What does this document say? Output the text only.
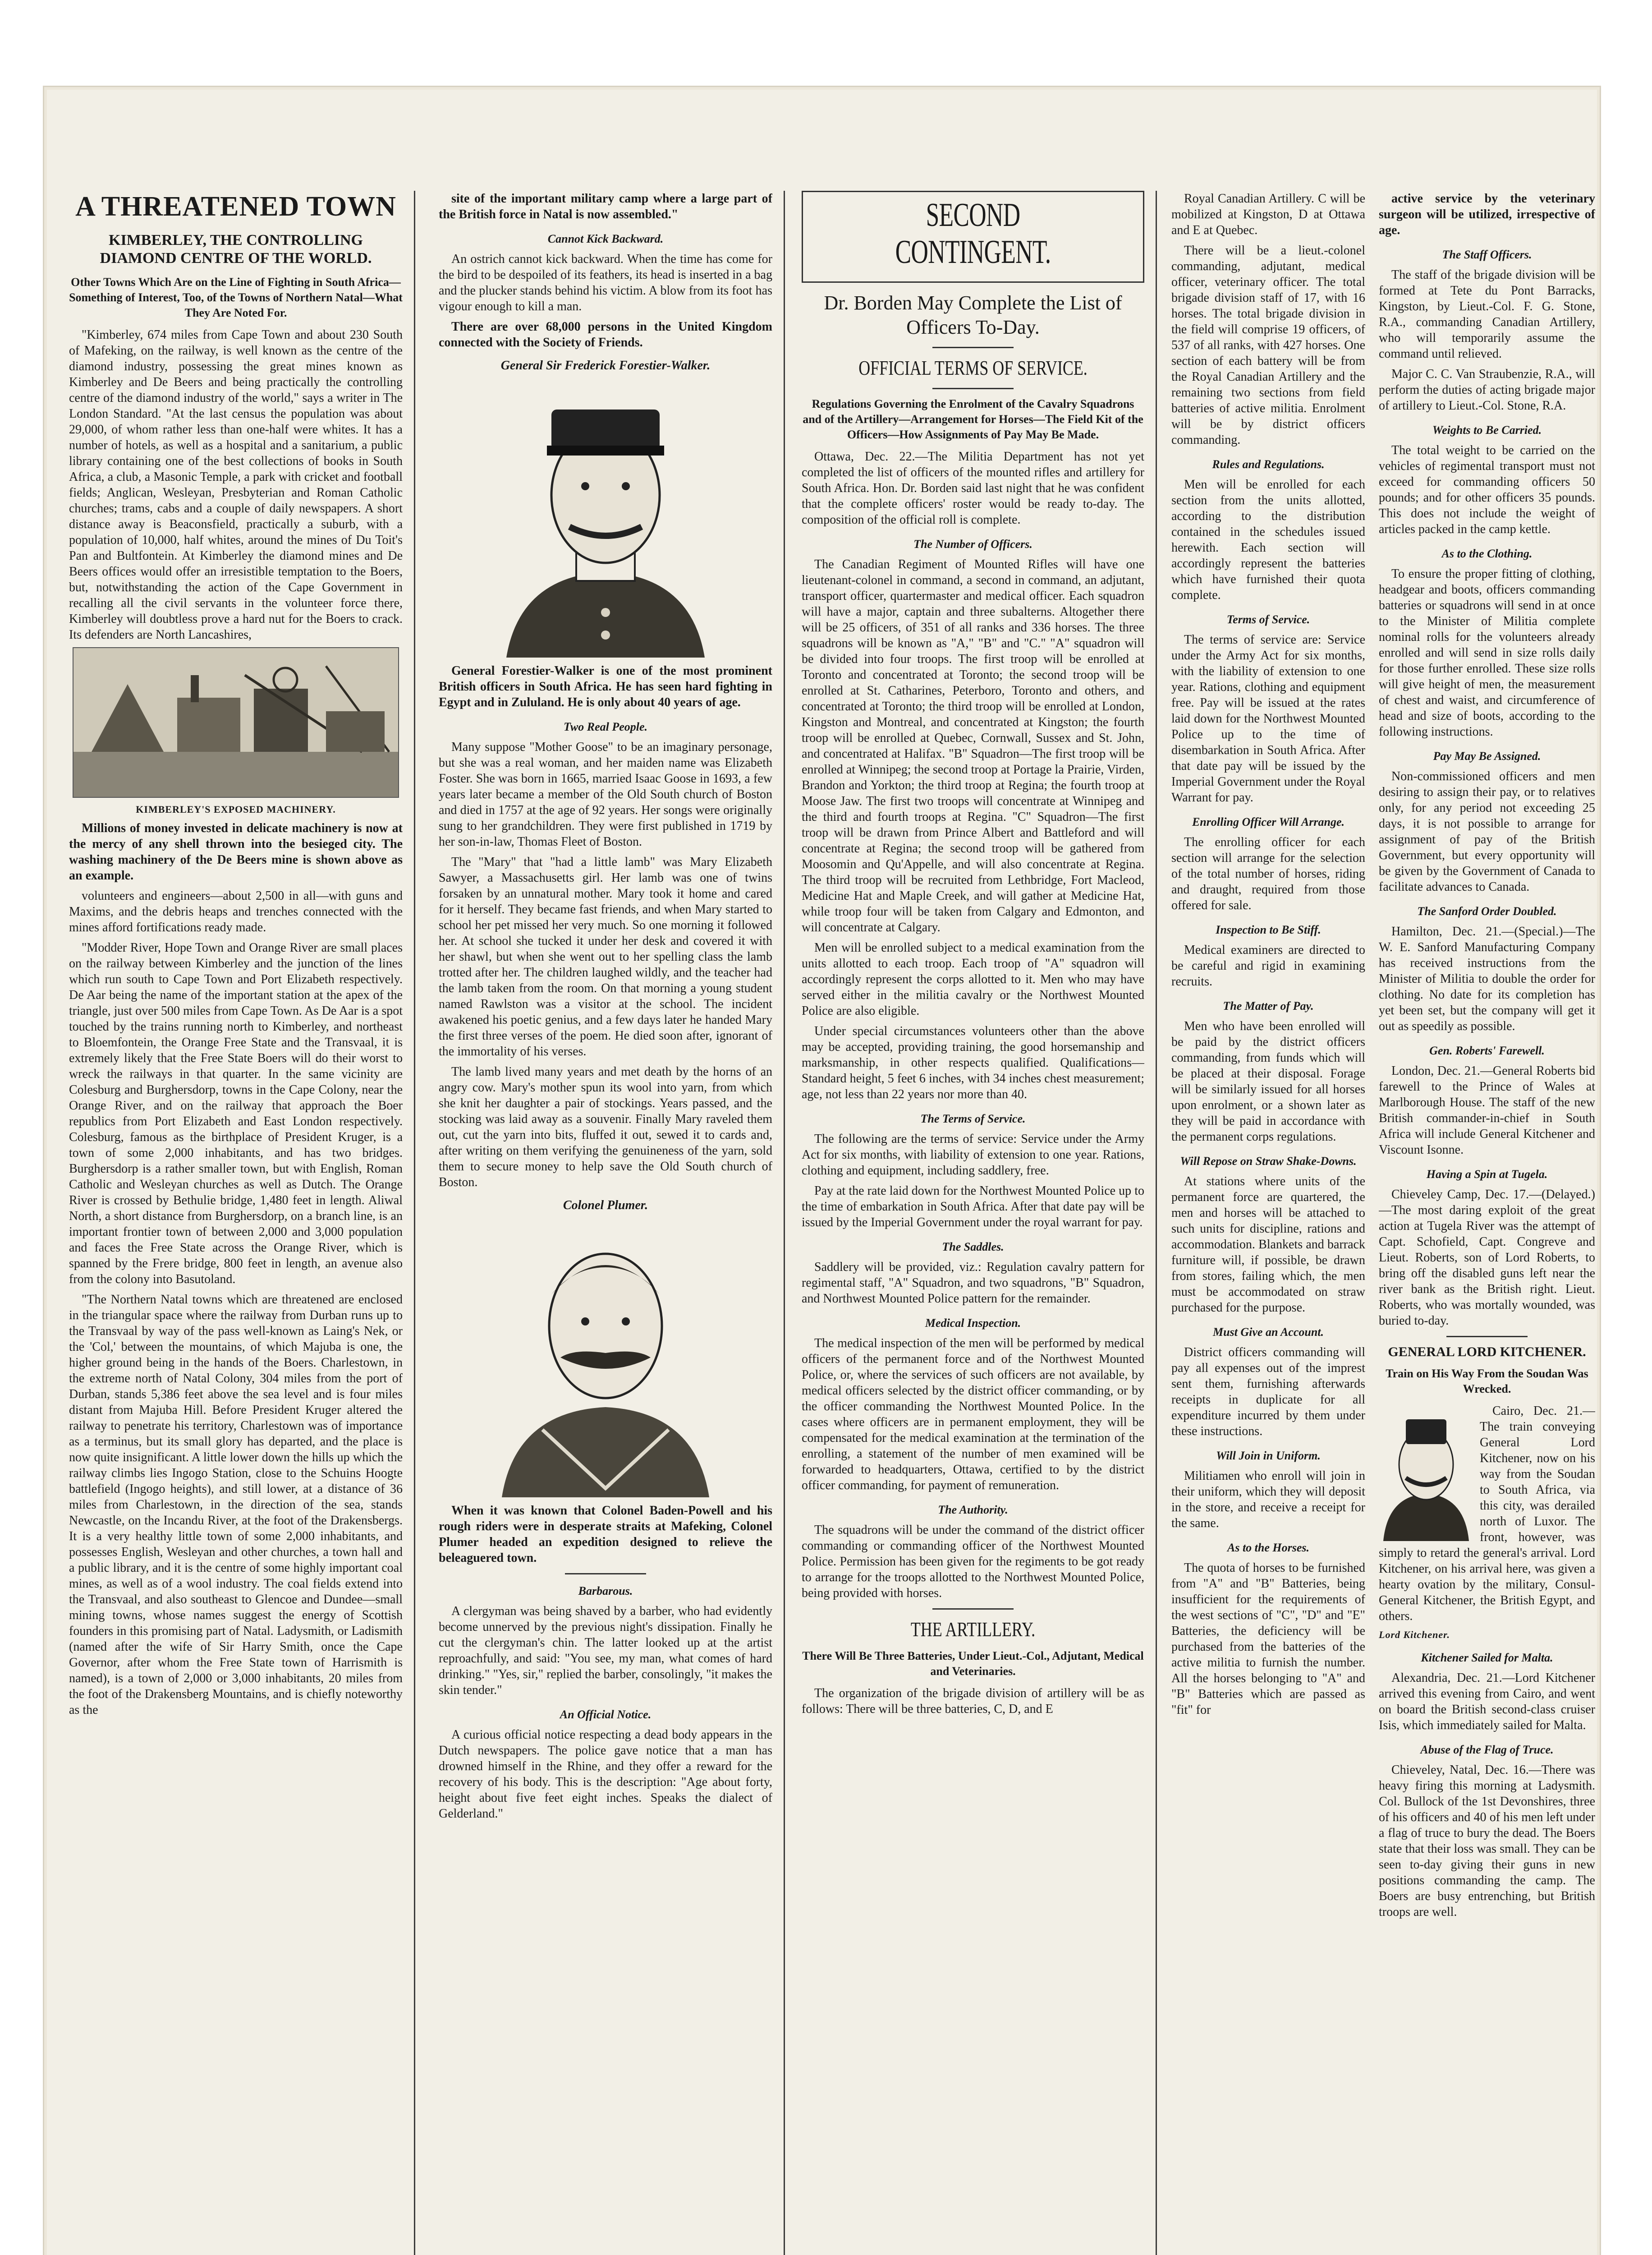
A THREATENED TOWN
KIMBERLEY, THE CONTROLLING DIAMOND CENTRE OF THE WORLD.
Other Towns Which Are on the Line of Fighting in South Africa—Something of Interest, Too, of the Towns of Northern Natal—What They Are Noted For.

"Kimberley, 674 miles from Cape Town and about 230 South of Mafeking, on the railway, is well known as the centre of the diamond industry, possessing the great mines known as Kimberley and De Beers and being practically the controlling centre of the diamond industry of the world," says a writer in The London Standard. "At the last census the population was about 29,000, of whom rather less than one-half were whites. It has a number of hotels, as well as a hospital and a sanitarium, a public library containing one of the best collections of books in South Africa, a club, a Masonic Temple, a park with cricket and football fields; Anglican, Wesleyan, Presbyterian and Roman Catholic churches; trams, cabs and a couple of daily newspapers. A short distance away is Beaconsfield, practically a suburb, with a population of 10,000, half whites, around the mines of Du Toit's Pan and Bultfontein. At Kimberley the diamond mines and De Beers offices would offer an irresistible temptation to the Boers, but, notwithstanding the action of the Cape Government in recalling all the civil servants in the volunteer force there, Kimberley will doubtless prove a hard nut for the Boers to crack. Its defenders are North Lancashires,

KIMBERLEY'S EXPOSED MACHINERY.

Millions of money invested in delicate machinery is now at the mercy of any shell thrown into the besieged city. The washing machinery of the De Beers mine is shown above as an example.

volunteers and engineers—about 2,500 in all—with guns and Maxims, and the debris heaps and trenches connected with the mines afford fortifications ready made.

"Modder River, Hope Town and Orange River are small places on the railway between Kimberley and the junction of the lines which run south to Cape Town and Port Elizabeth respectively. De Aar being the name of the important station at the apex of the triangle, just over 500 miles from Cape Town. As De Aar is a spot touched by the trains running north to Kimberley, and northeast to Bloemfontein, the Orange Free State and the Transvaal, it is extremely likely that the Free State Boers will do their worst to wreck the railways in that quarter. In the same vicinity are Colesburg and Burghersdorp, towns in the Cape Colony, near the Orange River, and on the railway that approach the Boer republics from Port Elizabeth and East London respectively. Colesburg, famous as the birthplace of President Kruger, is a town of some 2,000 inhabitants, and has two bridges. Burghersdorp is a rather smaller town, but with English, Roman Catholic and Wesleyan churches as well as Dutch. The Orange River is crossed by Bethulie bridge, 1,480 feet in length. Aliwal North, a short distance from Burghersdorp, on a branch line, is an important frontier town of between 2,000 and 3,000 population and faces the Free State across the Orange River, which is spanned by the Frere bridge, 800 feet in length, an avenue also from the colony into Basutoland.

"The Northern Natal towns which are threatened are enclosed in the triangular space where the railway from Durban runs up to the Transvaal by way of the pass well-known as Laing's Nek, or the 'Col,' between the mountains, of which Majuba is one, the higher ground being in the hands of the Boers. Charlestown, in the extreme north of Natal Colony, 304 miles from the port of Durban, stands 5,386 feet above the sea level and is four miles distant from Majuba Hill. Before President Kruger altered the railway to penetrate his territory, Charlestown was of importance as a terminus, but its small glory has departed, and the place is now quite insignificant. A little lower down the hills up which the railway climbs lies Ingogo Station, close to the Schuins Hoogte battlefield (Ingogo heights), and still lower, at a distance of 36 miles from Charlestown, in the direction of the sea, stands Newcastle, on the Incandu River, at the foot of the Drakensbergs. It is a very healthy little town of some 2,000 inhabitants, and possesses English, Wesleyan and other churches, a town hall and a public library, and it is the centre of some highly important coal mines, as well as of a wool industry. The coal fields extend into the Transvaal, and also southeast to Glencoe and Dundee—small mining towns, whose names suggest the energy of Scottish founders in this promising part of Natal. Ladysmith, or Ladismith (named after the wife of Sir Harry Smith, once the Cape Governor, after whom the Free State town of Harrismith is named), is a town of 2,000 or 3,000 inhabitants, 20 miles from the foot of the Drakensberg Mountains, and is chiefly noteworthy as the

site of the important military camp where a large part of the British force in Natal is now assembled."

Cannot Kick Backward.

An ostrich cannot kick backward. When the time has come for the bird to be despoiled of its feathers, its head is inserted in a bag and the plucker stands behind his victim. A blow from its foot has vigour enough to kill a man.

There are over 68,000 persons in the United Kingdom connected with the Society of Friends.

General Sir Frederick Forestier-Walker.

General Forestier-Walker is one of the most prominent British officers in South Africa. He has seen hard fighting in Egypt and in Zululand. He is only about 40 years of age.

Two Real People.

Many suppose "Mother Goose" to be an imaginary personage, but she was a real woman, and her maiden name was Elizabeth Foster. She was born in 1665, married Isaac Goose in 1693, a few years later became a member of the Old South church of Boston and died in 1757 at the age of 92 years. Her songs were originally sung to her grandchildren. They were first published in 1719 by her son-in-law, Thomas Fleet of Boston.

The "Mary" that "had a little lamb" was Mary Elizabeth Sawyer, a Massachusetts girl. Her lamb was one of twins forsaken by an unnatural mother. Mary took it home and cared for it herself. They became fast friends, and when Mary started to school her pet missed her very much. So one morning it followed her. At school she tucked it under her desk and covered it with her shawl, but when she went out to her spelling class the lamb trotted after her. The children laughed wildly, and the teacher had the lamb taken from the room. On that morning a young student named Rawlston was a visitor at the school. The incident awakened his poetic genius, and a few days later he handed Mary the first three verses of the poem. He died soon after, ignorant of the immortality of his verses.

The lamb lived many years and met death by the horns of an angry cow. Mary's mother spun its wool into yarn, from which she knit her daughter a pair of stockings. Years passed, and the stocking was laid away as a souvenir. Finally Mary raveled them out, cut the yarn into bits, fluffed it out, sewed it to cards and, after writing on them verifying the genuineness of the yarn, sold them to secure money to help save the Old South church of Boston.

Colonel Plumer.

When it was known that Colonel Baden-Powell and his rough riders were in desperate straits at Mafeking, Colonel Plumer headed an expedition designed to relieve the beleaguered town.

Barbarous.

A clergyman was being shaved by a barber, who had evidently become unnerved by the previous night's dissipation. Finally he cut the clergyman's chin. The latter looked up at the artist reproachfully, and said: "You see, my man, what comes of hard drinking." "Yes, sir," replied the barber, consolingly, "it makes the skin tender."

An Official Notice.

A curious official notice respecting a dead body appears in the Dutch newspapers. The police gave notice that a man has drowned himself in the Rhine, and they offer a reward for the recovery of his body. This is the description: "Age about forty, height about five feet eight inches. Speaks the dialect of Gelderland."

SECOND CONTINGENT.
Dr. Borden May Complete the List of Officers To-Day.
OFFICIAL TERMS OF SERVICE.
Regulations Governing the Enrolment of the Cavalry Squadrons and of the Artillery—Arrangement for Horses—The Field Kit of the Officers—How Assignments of Pay May Be Made.

Ottawa, Dec. 22.—The Militia Department has not yet completed the list of officers of the mounted rifles and artillery for South Africa. Hon. Dr. Borden said last night that he was confident that the complete officers' roster would be ready to-day. The composition of the official roll is complete.

The Number of Officers.

The Canadian Regiment of Mounted Rifles will have one lieutenant-colonel in command, a second in command, an adjutant, transport officer, quartermaster and medical officer. Each squadron will have a major, captain and three subalterns. Altogether there will be 25 officers, of 351 of all ranks and 336 horses. The three squadrons will be known as "A," "B" and "C." "A" squadron will be divided into four troops. The first troop will be enrolled at Toronto and concentrated at Toronto; the second troop will be enrolled at St. Catharines, Peterboro, Toronto and others, and concentrated at Toronto; the third troop will be enrolled at London, Kingston and Montreal, and concentrated at Kingston; the fourth troop will be enrolled at Quebec, Cornwall, Sussex and St. John, and concentrated at Halifax. "B" Squadron—The first troop will be enrolled at Winnipeg; the second troop at Portage la Prairie, Virden, Brandon and Yorkton; the third troop at Regina; the fourth troop at Moose Jaw. The first two troops will concentrate at Winnipeg and the third and fourth troops at Regina. "C" Squadron—The first troop will be drawn from Prince Albert and Battleford and will concentrate at Regina; the second troop will be gathered from Moosomin and Qu'Appelle, and will also concentrate at Regina. The third troop will be recruited from Lethbridge, Fort Macleod, Medicine Hat and Maple Creek, and will gather at Medicine Hat, while troop four will be taken from Calgary and Edmonton, and will concentrate at Calgary.

Men will be enrolled subject to a medical examination from the units allotted to each troop. Each troop of "A" squadron will accordingly represent the corps allotted to it. Men who may have served either in the militia cavalry or the Northwest Mounted Police are also eligible.

Under special circumstances volunteers other than the above may be accepted, providing training, the good horsemanship and marksmanship, in other respects qualified. Qualifications—Standard height, 5 feet 6 inches, with 34 inches chest measurement; age, not less than 22 years nor more than 40.

The Terms of Service.

The following are the terms of service: Service under the Army Act for six months, with liability of extension to one year. Rations, clothing and equipment, including saddlery, free.

Pay at the rate laid down for the Northwest Mounted Police up to the time of embarkation in South Africa. After that date pay will be issued by the Imperial Government under the royal warrant for pay.

The Saddles.

Saddlery will be provided, viz.: Regulation cavalry pattern for regimental staff, "A" Squadron, and two squadrons, "B" Squadron, and Northwest Mounted Police pattern for the remainder.

Medical Inspection.

The medical inspection of the men will be performed by medical officers of the permanent force and of the Northwest Mounted Police, or, where the services of such officers are not available, by medical officers selected by the district officer commanding, or by the officer commanding the Northwest Mounted Police. In the cases where officers are in permanent employment, they will be compensated for the medical examination at the termination of the enrolling, a statement of the number of men examined will be forwarded to headquarters, Ottawa, certified to by the district officer commanding, for payment of remuneration.

The Authority.

The squadrons will be under the command of the district officer commanding or commanding officer of the Northwest Mounted Police. Permission has been given for the regiments to be got ready to arrange for the troops allotted to the Northwest Mounted Police, being provided with horses.

THE ARTILLERY.
There Will Be Three Batteries, Under Lieut.-Col., Adjutant, Medical and Veterinaries.

The organization of the brigade division of artillery will be as follows: There will be three batteries, C, D, and E

Royal Canadian Artillery. C will be mobilized at Kingston, D at Ottawa and E at Quebec.

There will be a lieut.-colonel commanding, adjutant, medical officer, veterinary officer. The total brigade division staff of 17, with 16 horses. The total brigade division in the field will comprise 19 officers, of 537 of all ranks, with 427 horses. One section of each battery will be from the Royal Canadian Artillery and the remaining two sections from field batteries of active militia. Enrolment will be by district officers commanding.

Rules and Regulations.

Men will be enrolled for each section from the units allotted, according to the distribution contained in the schedules issued herewith. Each section will accordingly represent the batteries which have furnished their quota complete.

Terms of Service.

The terms of service are: Service under the Army Act for six months, with the liability of extension to one year. Rations, clothing and equipment free. Pay will be issued at the rates laid down for the Northwest Mounted Police up to the time of disembarkation in South Africa. After that date pay will be issued by the Imperial Government under the Royal Warrant for pay.

Enrolling Officer Will Arrange.

The enrolling officer for each section will arrange for the selection of the total number of horses, riding and draught, required from those offered for sale.

Inspection to Be Stiff.

Medical examiners are directed to be careful and rigid in examining recruits.

The Matter of Pay.

Men who have been enrolled will be paid by the district officers commanding, from funds which will be placed at their disposal. Forage will be similarly issued for all horses upon enrolment, or a shown later as they will be paid in accordance with the permanent corps regulations.

Will Repose on Straw Shake-Downs.

At stations where units of the permanent force are quartered, the men and horses will be attached to such units for discipline, rations and accommodation. Blankets and barrack furniture will, if possible, be drawn from stores, failing which, the men must be accommodated on straw purchased for the purpose.

Must Give an Account.

District officers commanding will pay all expenses out of the imprest sent them, furnishing afterwards receipts in duplicate for all expenditure incurred by them under these instructions.

Will Join in Uniform.

Militiamen who enroll will join in their uniform, which they will deposit in the store, and receive a receipt for the same.

As to the Horses.

The quota of horses to be furnished from "A" and "B" Batteries, being insufficient for the requirements of the west sections of "C", "D" and "E" Batteries, the deficiency will be purchased from the batteries of the active militia to furnish the number. All the horses belonging to "A" and "B" Batteries which are passed as "fit" for

active service by the veterinary surgeon will be utilized, irrespective of age.

The Staff Officers.

The staff of the brigade division will be formed at Tete du Pont Barracks, Kingston, by Lieut.-Col. F. G. Stone, R.A., commanding Canadian Artillery, who will temporarily assume the command until relieved.

Major C. C. Van Straubenzie, R.A., will perform the duties of acting brigade major of artillery to Lieut.-Col. Stone, R.A.

Weights to Be Carried.

The total weight to be carried on the vehicles of regimental transport must not exceed for commanding officers 50 pounds; and for other officers 35 pounds. This does not include the weight of articles packed in the camp kettle.

As to the Clothing.

To ensure the proper fitting of clothing, headgear and boots, officers commanding batteries or squadrons will send in at once to the Minister of Militia complete nominal rolls for the volunteers already enrolled and will send in size rolls daily for those further enrolled. These size rolls will give height of men, the measurement of chest and waist, and circumference of head and size of boots, according to the following instructions.

Pay May Be Assigned.

Non-commissioned officers and men desiring to assign their pay, or to relatives only, for any period not exceeding 25 days, it is not possible to arrange for assignment of pay of the British Government, but every opportunity will be given by the Government of Canada to facilitate advances to Canada.

The Sanford Order Doubled.

Hamilton, Dec. 21.—(Special.)—The W. E. Sanford Manufacturing Company has received instructions from the Minister of Militia to double the order for clothing. No date for its completion has yet been set, but the company will get it out as speedily as possible.

Gen. Roberts' Farewell.

London, Dec. 21.—General Roberts bid farewell to the Prince of Wales at Marlborough House. The staff of the new British commander-in-chief in South Africa will include General Kitchener and Viscount Isonne.

Having a Spin at Tugela.

Chieveley Camp, Dec. 17.—(Delayed.)—The most daring exploit of the great action at Tugela River was the attempt of Capt. Schofield, Capt. Congreve and Lieut. Roberts, son of Lord Roberts, to bring off the disabled guns left near the river bank as the British right. Lieut. Roberts, who was mortally wounded, was buried to-day.

GENERAL LORD KITCHENER.
Train on His Way From the Soudan Was Wrecked.

Cairo, Dec. 21.—The train conveying General Lord Kitchener, now on his way from the Soudan to South Africa, via this city, was derailed north of Luxor. The front, however, was simply to retard the general's arrival. Lord Kitchener, on his arrival here, was given a hearty ovation by the military, Consul-General Kitchener, the British Egypt, and others.

Lord Kitchener.
Kitchener Sailed for Malta.

Alexandria, Dec. 21.—Lord Kitchener arrived this evening from Cairo, and went on board the British second-class cruiser Isis, which immediately sailed for Malta.

Abuse of the Flag of Truce.

Chieveley, Natal, Dec. 16.—There was heavy firing this morning at Ladysmith. Col. Bullock of the 1st Devonshires, three of his officers and 40 of his men left under a flag of truce to bury the dead. The Boers state that their loss was small. They can be seen to-day giving their guns in new positions commanding the camp. The Boers are busy entrenching, but British troops are well.
